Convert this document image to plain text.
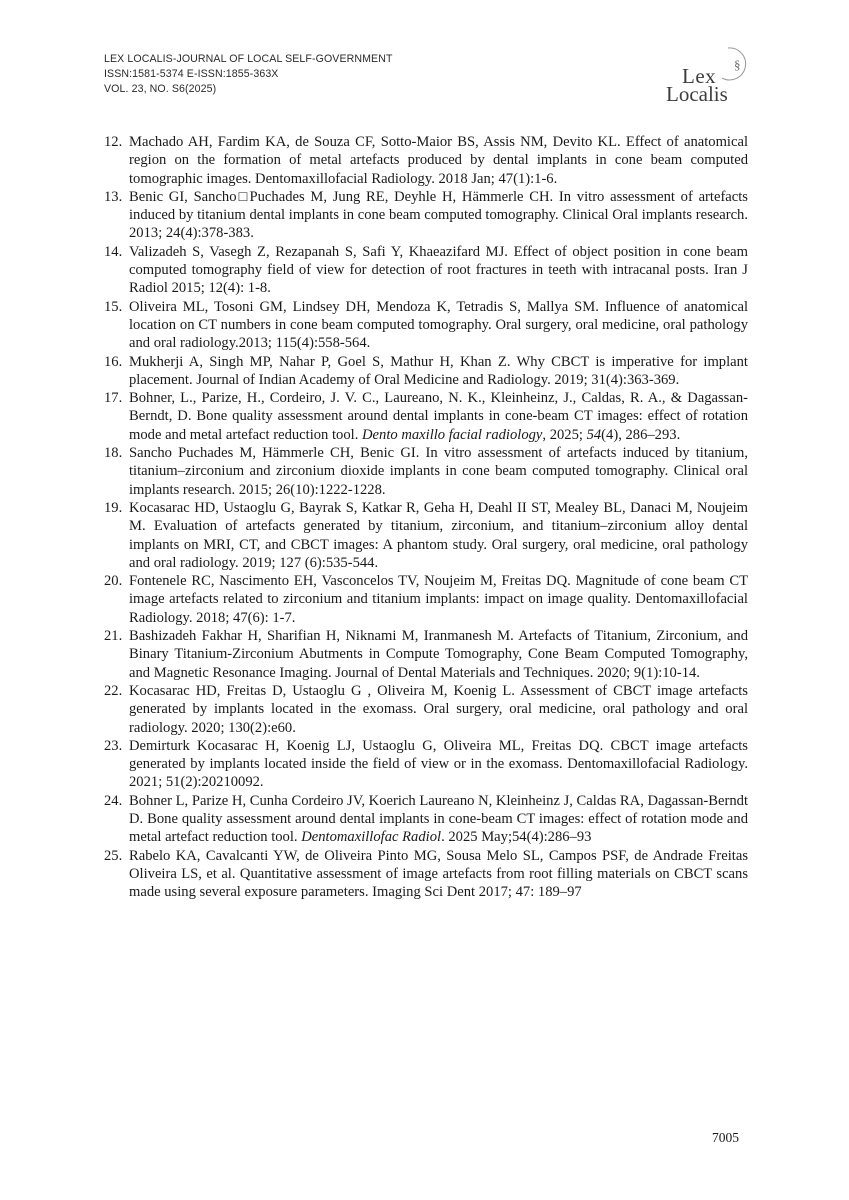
LEX LOCALIS-JOURNAL OF LOCAL SELF-GOVERNMENT
ISSN:1581-5374 E-ISSN:1855-363X
VOL. 23, NO. S6(2025)
§
Lex
Localis
12. Machado AH, Fardim KA, de Souza CF, Sotto-Maior BS, Assis NM, Devito KL. Effect of anatomical region on the formation of metal artefacts produced by dental implants in cone beam computed tomographic images. Dentomaxillofacial Radiology. 2018 Jan; 47(1):1-6.
13. Benic GI, Sancho□Puchades M, Jung RE, Deyhle H, Hämmerle CH. In vitro assessment of artefacts induced by titanium dental implants in cone beam computed tomography. Clinical Oral implants research. 2013; 24(4):378-383.
14. Valizadeh S, Vasegh Z, Rezapanah S, Safi Y, Khaeazifard MJ. Effect of object position in cone beam computed tomography field of view for detection of root fractures in teeth with intracanal posts. Iran J Radiol 2015; 12(4): 1-8.
15. Oliveira ML, Tosoni GM, Lindsey DH, Mendoza K, Tetradis S, Mallya SM. Influence of anatomical location on CT numbers in cone beam computed tomography. Oral surgery, oral medicine, oral pathology and oral radiology.2013; 115(4):558-564.
16. Mukherji A, Singh MP, Nahar P, Goel S, Mathur H, Khan Z. Why CBCT is imperative for implant placement. Journal of Indian Academy of Oral Medicine and Radiology. 2019; 31(4):363-369.
17. Bohner, L., Parize, H., Cordeiro, J. V. C., Laureano, N. K., Kleinheinz, J., Caldas, R. A., & Dagassan-Berndt, D. Bone quality assessment around dental implants in cone-beam CT images: effect of rotation mode and metal artefact reduction tool. Dento maxillo facial radiology, 2025; 54(4), 286–293.
18. Sancho Puchades M, Hämmerle CH, Benic GI. In vitro assessment of artefacts induced by titanium, titanium–zirconium and zirconium dioxide implants in cone beam computed tomography. Clinical oral implants research. 2015; 26(10):1222-1228.
19. Kocasarac HD, Ustaoglu G, Bayrak S, Katkar R, Geha H, Deahl II ST, Mealey BL, Danaci M, Noujeim M. Evaluation of artefacts generated by titanium, zirconium, and titanium–zirconium alloy dental implants on MRI, CT, and CBCT images: A phantom study. Oral surgery, oral medicine, oral pathology and oral radiology. 2019; 127 (6):535-544.
20. Fontenele RC, Nascimento EH, Vasconcelos TV, Noujeim M, Freitas DQ. Magnitude of cone beam CT image artefacts related to zirconium and titanium implants: impact on image quality. Dentomaxillofacial Radiology. 2018; 47(6): 1-7.
21. Bashizadeh Fakhar H, Sharifian H, Niknami M, Iranmanesh M. Artefacts of Titanium, Zirconium, and Binary Titanium-Zirconium Abutments in Compute Tomography, Cone Beam Computed Tomography, and Magnetic Resonance Imaging. Journal of Dental Materials and Techniques. 2020; 9(1):10-14.
22. Kocasarac HD, Freitas D, Ustaoglu G , Oliveira M, Koenig L. Assessment of CBCT image artefacts generated by implants located in the exomass. Oral surgery, oral medicine, oral pathology and oral radiology. 2020; 130(2):e60.
23. Demirturk Kocasarac H, Koenig LJ, Ustaoglu G, Oliveira ML, Freitas DQ. CBCT image artefacts generated by implants located inside the field of view or in the exomass. Dentomaxillofacial Radiology. 2021; 51(2):20210092.
24. Bohner L, Parize H, Cunha Cordeiro JV, Koerich Laureano N, Kleinheinz J, Caldas RA, Dagassan-Berndt D. Bone quality assessment around dental implants in cone-beam CT images: effect of rotation mode and metal artefact reduction tool. Dentomaxillofac Radiol. 2025 May;54(4):286–93
25. Rabelo KA, Cavalcanti YW, de Oliveira Pinto MG, Sousa Melo SL, Campos PSF, de Andrade Freitas Oliveira LS, et al. Quantitative assessment of image artefacts from root filling materials on CBCT scans made using several exposure parameters. Imaging Sci Dent 2017; 47: 189–97
7005
